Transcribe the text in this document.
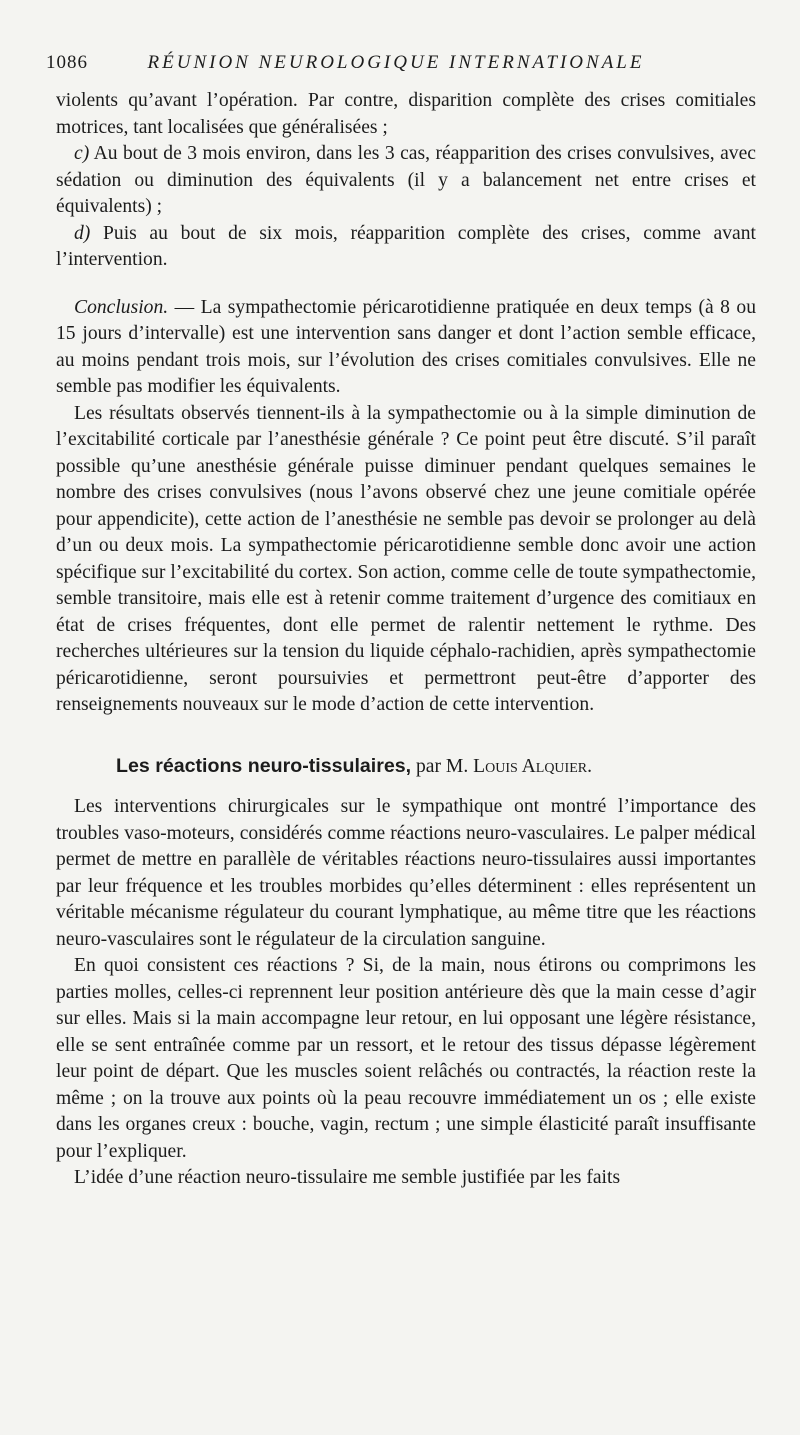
1086	RÉUNION NEUROLOGIQUE INTERNATIONALE

violents qu’avant l’opération. Par contre, disparition complète des crises comitiales motrices, tant localisées que généralisées ;

c) Au bout de 3 mois environ, dans les 3 cas, réapparition des crises convulsives, avec sédation ou diminution des équivalents (il y a balancement net entre crises et équivalents) ;

d) Puis au bout de six mois, réapparition complète des crises, comme avant l’intervention.

Conclusion. — La sympathectomie péricarotidienne pratiquée en deux temps (à 8 ou 15 jours d’intervalle) est une intervention sans danger et dont l’action semble efficace, au moins pendant trois mois, sur l’évolution des crises comitiales convulsives. Elle ne semble pas modifier les équivalents.

Les résultats observés tiennent-ils à la sympathectomie ou à la simple diminution de l’excitabilité corticale par l’anesthésie générale ? Ce point peut être discuté. S’il paraît possible qu’une anesthésie générale puisse diminuer pendant quelques semaines le nombre des crises convulsives (nous l’avons observé chez une jeune comitiale opérée pour appendicite), cette action de l’anesthésie ne semble pas devoir se prolonger au delà d’un ou deux mois. La sympathectomie péricarotidienne semble donc avoir une action spécifique sur l’excitabilité du cortex. Son action, comme celle de toute sympathectomie, semble transitoire, mais elle est à retenir comme traitement d’urgence des comitiaux en état de crises fréquentes, dont elle permet de ralentir nettement le rythme. Des recherches ultérieures sur la tension du liquide céphalo-rachidien, après sympathectomie péricarotidienne, seront poursuivies et permettront peut-être d’apporter des renseignements nouveaux sur le mode d’action de cette intervention.

Les réactions neuro-tissulaires, par M. Louis Alquier.

Les interventions chirurgicales sur le sympathique ont montré l’importance des troubles vaso-moteurs, considérés comme réactions neuro-vasculaires. Le palper médical permet de mettre en parallèle de véritables réactions neuro-tissulaires aussi importantes par leur fréquence et les troubles morbides qu’elles déterminent : elles représentent un véritable mécanisme régulateur du courant lymphatique, au même titre que les réactions neuro-vasculaires sont le régulateur de la circulation sanguine.

En quoi consistent ces réactions ? Si, de la main, nous étirons ou comprimons les parties molles, celles-ci reprennent leur position antérieure dès que la main cesse d’agir sur elles. Mais si la main accompagne leur retour, en lui opposant une légère résistance, elle se sent entraînée comme par un ressort, et le retour des tissus dépasse légèrement leur point de départ. Que les muscles soient relâchés ou contractés, la réaction reste la même ; on la trouve aux points où la peau recouvre immédiatement un os ; elle existe dans les organes creux : bouche, vagin, rectum ; une simple élasticité paraît insuffisante pour l’expliquer.

L’idée d’une réaction neuro-tissulaire me semble justifiée par les faits
